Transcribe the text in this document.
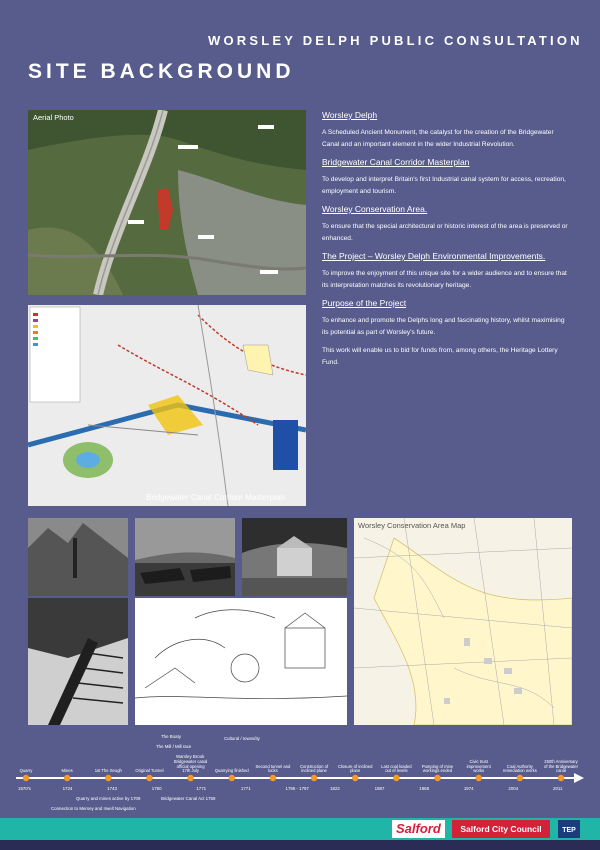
WORSLEY DELPH PUBLIC CONSULTATION
SITE BACKGROUND
Aerial Photo
Bridgewater Canal Corridor Masterplan
Worsley Delph
A Scheduled Ancient Monument, the catalyst for the creation of the Bridgewater Canal and an important element in the wider Industrial Revolution.
Bridgewater Canal Corridor Masterplan
To develop and interpret Britain's first Industrial canal system for access, recreation, employment and tourism.
Worsley Conservation Area.
To ensure that the special architectural or historic interest of the area is preserved or enhanced.
The Project – Worsley Delph Environmental Improvements.
To improve the enjoyment of this unique site for a wider audience and to ensure that its interpretation matches its revolutionary heritage.
Purpose of the Project
To enhance and promote the Delphs long and fascinating history, whilst maximising its potential as part of Worsley's future.
This work will enable us to bid for funds from, among others, the Heritage Lottery Fund.
Worsley Conservation Area Map
Quarry	Mines	1st The Seugh	Original Tunnel
Bridgewater canal official opening 17th July	Quarrying finished
Second tunnel and locks
Construction of inclined plane
Closure of inclined plane
Last coal loaded out of levels
Pumping of mine workings ended
Civic trust improvement works
Coal Authority remediation works
250th Anniversary of the Bridgewater canal
1570's	1724	1743	1760	1771	1771	1795 - 1797	1822	1887	1968	1974	2004	2011
The Boaty
The Mill / Mill race
Warsley Brook
Cultural / towns/ity
Quarry and mines active by 1709	Bridgewater Canal Act 1759
Connection to Mersey and Irwell Navigation
Salford	Salford City Council	TEP
